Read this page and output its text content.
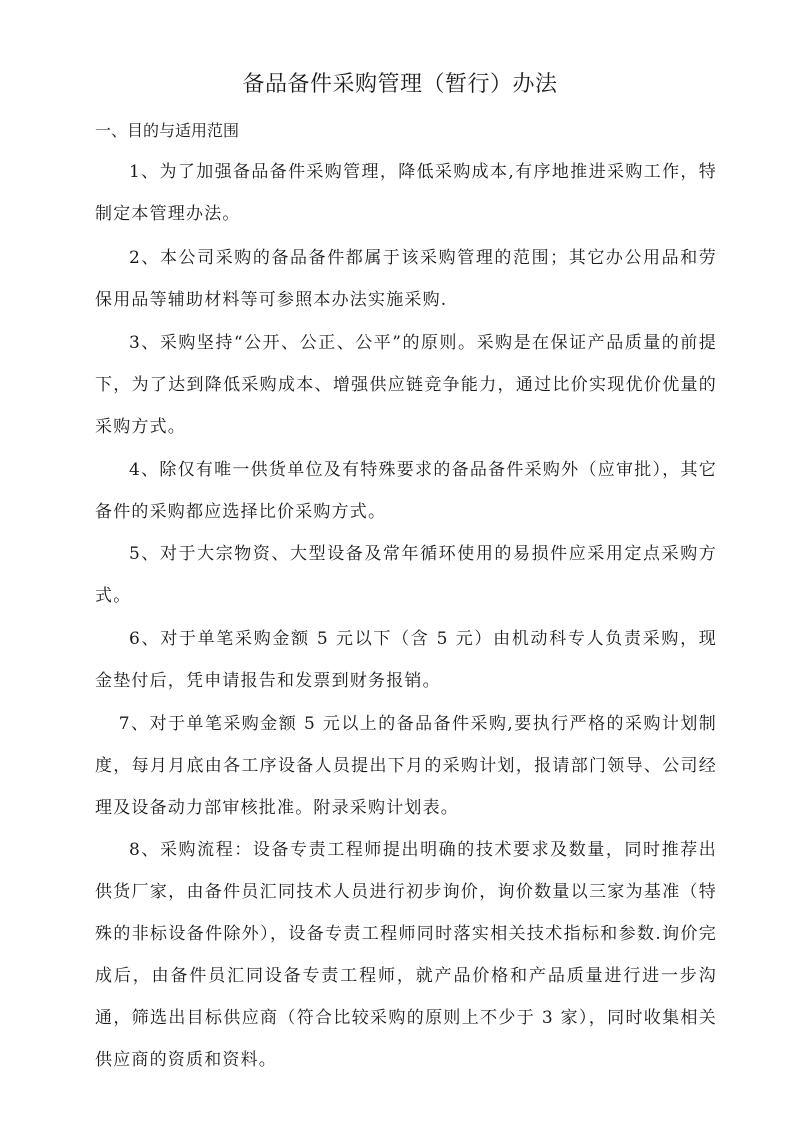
备品备件采购管理（暂行）办法
一、目的与适用范围

1、为了加强备品备件采购管理，降低采购成本,有序地推进采购工作，特制定本管理办法。

2、本公司采购的备品备件都属于该采购管理的范围；其它办公用品和劳保用品等辅助材料等可参照本办法实施采购.

3、采购坚持“公开、公正、公平”的原则。采购是在保证产品质量的前提下，为了达到降低采购成本、增强供应链竞争能力，通过比价实现优价优量的采购方式。

4、除仅有唯一供货单位及有特殊要求的备品备件采购外（应审批），其它备件的采购都应选择比价采购方式。

5、对于大宗物资、大型设备及常年循环使用的易损件应采用定点采购方式。

6、对于单笔采购金额 5 元以下（含 5 元）由机动科专人负责采购，现金垫付后，凭申请报告和发票到财务报销。

7、对于单笔采购金额 5 元以上的备品备件采购,要执行严格的采购计划制度，每月月底由各工序设备人员提出下月的采购计划，报请部门领导、公司经理及设备动力部审核批准。附录采购计划表。

8、采购流程：设备专责工程师提出明确的技术要求及数量，同时推荐出供货厂家，由备件员汇同技术人员进行初步询价，询价数量以三家为基准（特殊的非标设备件除外），设备专责工程师同时落实相关技术指标和参数.询价完成后，由备件员汇同设备专责工程师，就产品价格和产品质量进行进一步沟通，筛选出目标供应商（符合比较采购的原则上不少于 3 家），同时收集相关供应商的资质和资料。
